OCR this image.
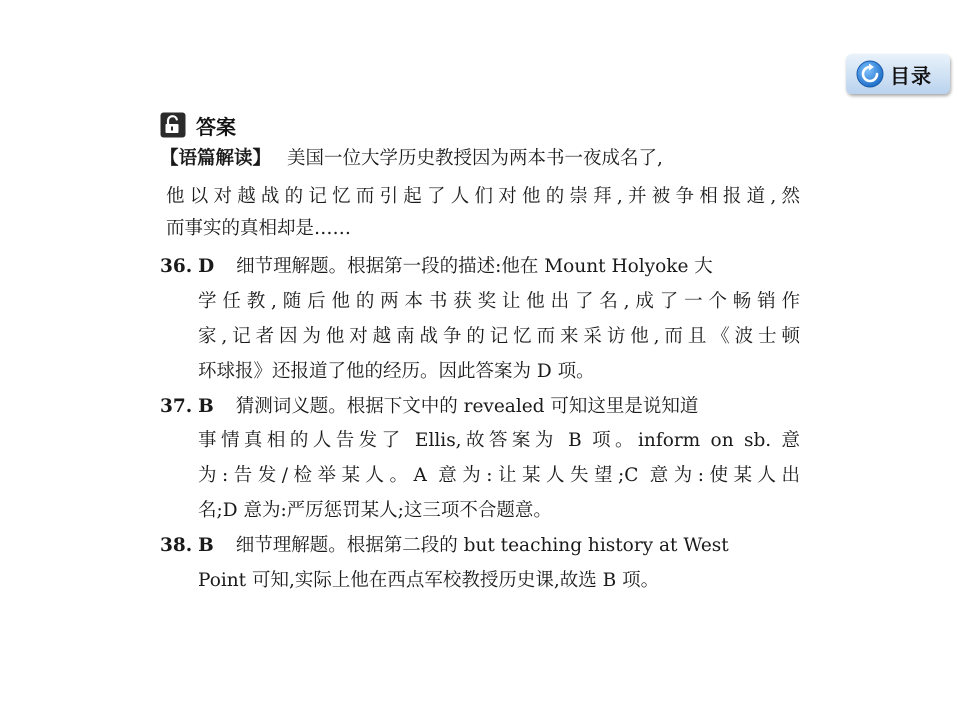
目录
答案
【语篇解读】 美国一位大学历史教授因为两本书一夜成名了,
他以对越战的记忆而引起了人们对他的崇拜,并被争相报道,然
而事实的真相却是……
36. D 细节理解题。根据第一段的描述:他在 Mount Holyoke 大
学任教,随后他的两本书获奖让他出了名,成了一个畅销作
家,记者因为他对越南战争的记忆而来采访他,而且《波士顿
环球报》还报道了他的经历。因此答案为 D 项。
37. B 猜测词义题。根据下文中的 revealed 可知这里是说知道
事情真相的人告发了 Ellis,故答案为 B 项。inform on sb. 意
为:告发/检举某人。A 意为:让某人失望;C 意为:使某人出
名;D 意为:严厉惩罚某人;这三项不合题意。
38. B 细节理解题。根据第二段的 but teaching history at West
Point 可知,实际上他在西点军校教授历史课,故选 B 项。
